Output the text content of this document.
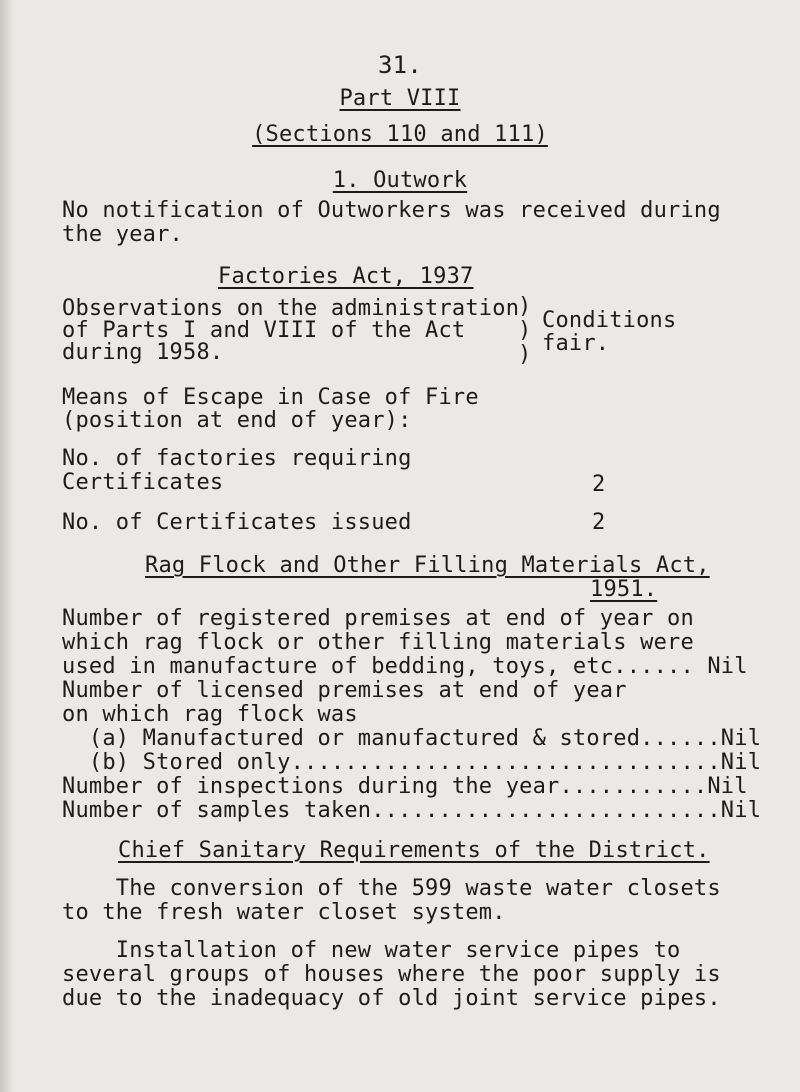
31.
Part VIII
(Sections 110 and 111)
1. Outwork
No notification of Outworkers was received during
the year.
Factories Act, 1937
Observations on the administration
of Parts I and VIII of the Act
during 1958.
)
)
)
Conditions
fair.
Means of Escape in Case of Fire
(position at end of year):
No. of factories requiring
Certificates	2
No. of Certificates issued	2
Rag Flock and Other Filling Materials Act,
1951.
Number of registered premises at end of year on
which rag flock or other filling materials were
used in manufacture of bedding, toys, etc...... Nil
Number of licensed premises at end of year
on which rag flock was
(a) Manufactured or manufactured & stored......Nil
(b) Stored only................................Nil
Number of inspections during the year...........Nil
Number of samples taken..........................Nil
Chief Sanitary Requirements of the District.
The conversion of the 599 waste water closets
to the fresh water closet system.
Installation of new water service pipes to
several groups of houses where the poor supply is
due to the inadequacy of old joint service pipes.
